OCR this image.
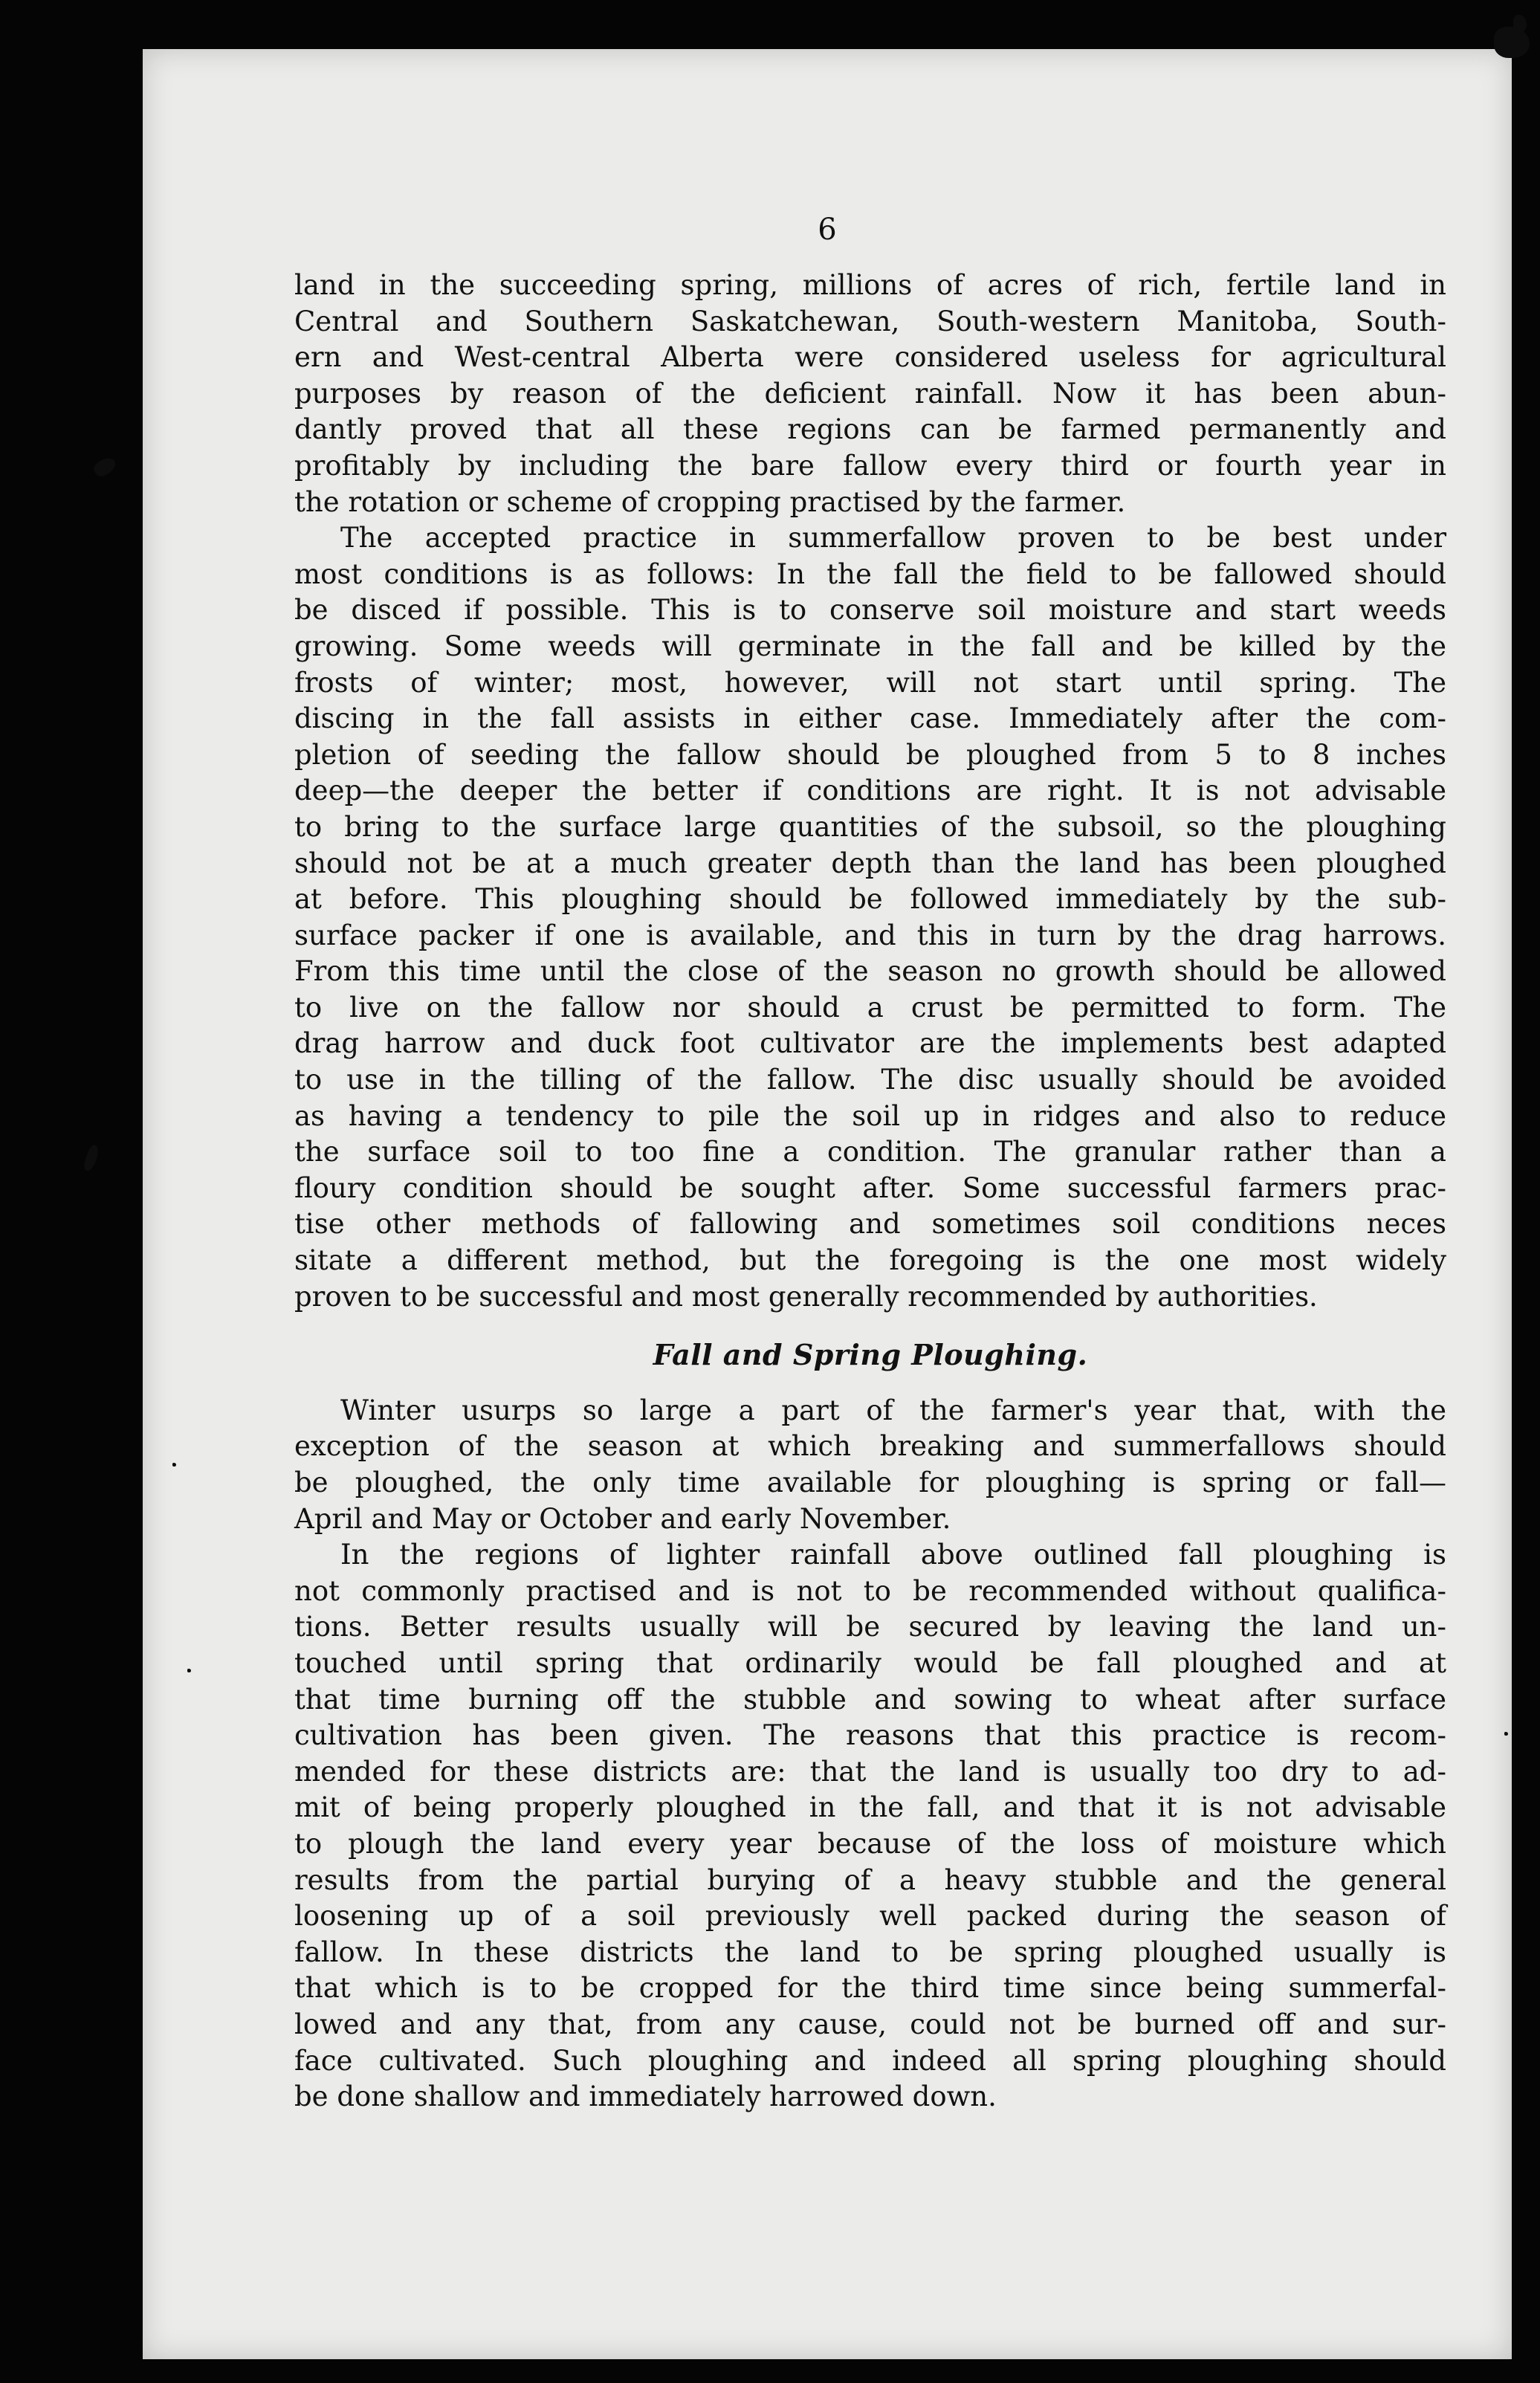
6
land in the succeeding spring, millions of acres of rich, fertile land in
Central and Southern Saskatchewan, South-western Manitoba, South-
ern and West-central Alberta were considered useless for agricultural
purposes by reason of the deficient rainfall. Now it has been abun-
dantly proved that all these regions can be farmed permanently and
profitably by including the bare fallow every third or fourth year in
the rotation or scheme of cropping practised by the farmer.
The accepted practice in summerfallow proven to be best under
most conditions is as follows: In the fall the field to be fallowed should
be disced if possible. This is to conserve soil moisture and start weeds
growing. Some weeds will germinate in the fall and be killed by the
frosts of winter; most, however, will not start until spring. The
discing in the fall assists in either case. Immediately after the com-
pletion of seeding the fallow should be ploughed from 5 to 8 inches
deep—the deeper the better if conditions are right. It is not advisable
to bring to the surface large quantities of the subsoil, so the ploughing
should not be at a much greater depth than the land has been ploughed
at before. This ploughing should be followed immediately by the sub-
surface packer if one is available, and this in turn by the drag harrows.
From this time until the close of the season no growth should be allowed
to live on the fallow nor should a crust be permitted to form. The
drag harrow and duck foot cultivator are the implements best adapted
to use in the tilling of the fallow. The disc usually should be avoided
as having a tendency to pile the soil up in ridges and also to reduce
the surface soil to too fine a condition. The granular rather than a
floury condition should be sought after. Some successful farmers prac-
tise other methods of fallowing and sometimes soil conditions neces
sitate a different method, but the foregoing is the one most widely
proven to be successful and most generally recommended by authorities.
Fall and Spring Ploughing.
Winter usurps so large a part of the farmer's year that, with the
exception of the season at which breaking and summerfallows should
be ploughed, the only time available for ploughing is spring or fall—
April and May or October and early November.
In the regions of lighter rainfall above outlined fall ploughing is
not commonly practised and is not to be recommended without qualifica-
tions. Better results usually will be secured by leaving the land un-
touched until spring that ordinarily would be fall ploughed and at
that time burning off the stubble and sowing to wheat after surface
cultivation has been given. The reasons that this practice is recom-
mended for these districts are: that the land is usually too dry to ad-
mit of being properly ploughed in the fall, and that it is not advisable
to plough the land every year because of the loss of moisture which
results from the partial burying of a heavy stubble and the general
loosening up of a soil previously well packed during the season of
fallow. In these districts the land to be spring ploughed usually is
that which is to be cropped for the third time since being summerfal-
lowed and any that, from any cause, could not be burned off and sur-
face cultivated. Such ploughing and indeed all spring ploughing should
be done shallow and immediately harrowed down.
